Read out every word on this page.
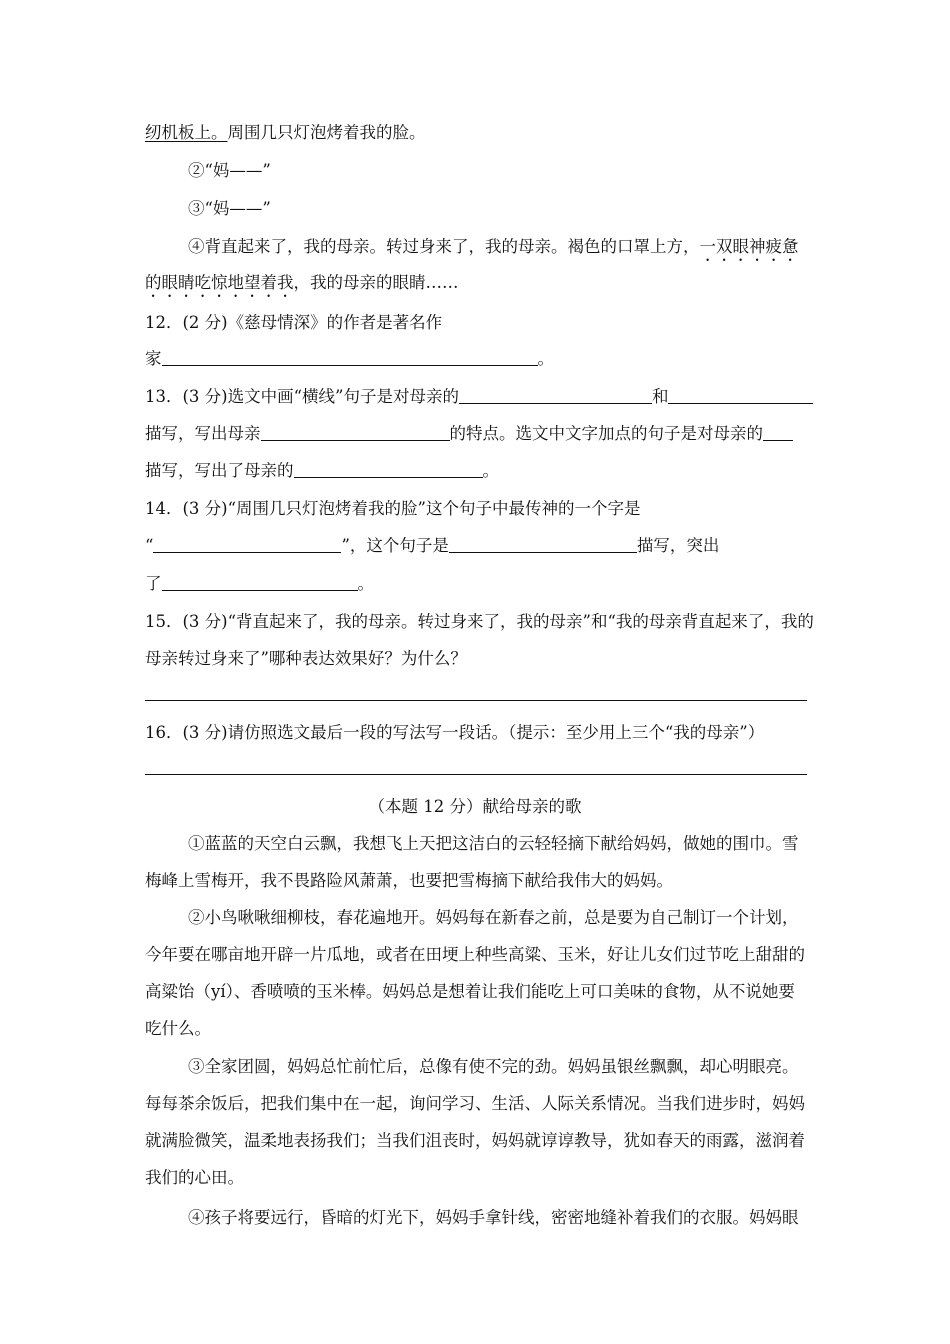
纫机板上。周围几只灯泡烤着我的脸。
②“妈——”
③“妈——”
④背直起来了，我的母亲。转过身来了，我的母亲。褐色的口罩上方，一双眼神疲惫
的眼睛吃惊地望着我，我的母亲的眼睛……
12．(2 分)《慈母情深》的作者是著名作
家	。
13．(3 分)选文中画“横线”句子是对母亲的	和
描写，写出母亲	的特点。选文中文字加点的句子是对母亲的
描写，写出了母亲的	。
14．(3 分)“周围几只灯泡烤着我的脸”这个句子中最传神的一个字是
“	”，这个句子是	描写，突出
了	。
15．(3 分)“背直起来了，我的母亲。转过身来了，我的母亲”和“我的母亲背直起来了，我的
母亲转过身来了”哪种表达效果好？为什么？
16．(3 分)请仿照选文最后一段的写法写一段话。（提示：至少用上三个“我的母亲”）
（本题 12 分）献给母亲的歌
①蓝蓝的天空白云飘，我想飞上天把这洁白的云轻轻摘下献给妈妈，做她的围巾。雪
梅峰上雪梅开，我不畏路险风萧萧，也要把雪梅摘下献给我伟大的妈妈。
②小鸟啾啾细柳枝，春花遍地开。妈妈每在新春之前，总是要为自己制订一个计划，
今年要在哪亩地开辟一片瓜地，或者在田埂上种些高粱、玉米，好让儿女们过节吃上甜甜的
高粱饴（yí）、香喷喷的玉米棒。妈妈总是想着让我们能吃上可口美味的食物，从不说她要
吃什么。
③全家团圆，妈妈总忙前忙后，总像有使不完的劲。妈妈虽银丝飘飘，却心明眼亮。
每每茶余饭后，把我们集中在一起，询问学习、生活、人际关系情况。当我们进步时，妈妈
就满脸微笑，温柔地表扬我们；当我们沮丧时，妈妈就谆谆教导，犹如春天的雨露，滋润着
我们的心田。
④孩子将要远行，昏暗的灯光下，妈妈手拿针线，密密地缝补着我们的衣服。妈妈眼
